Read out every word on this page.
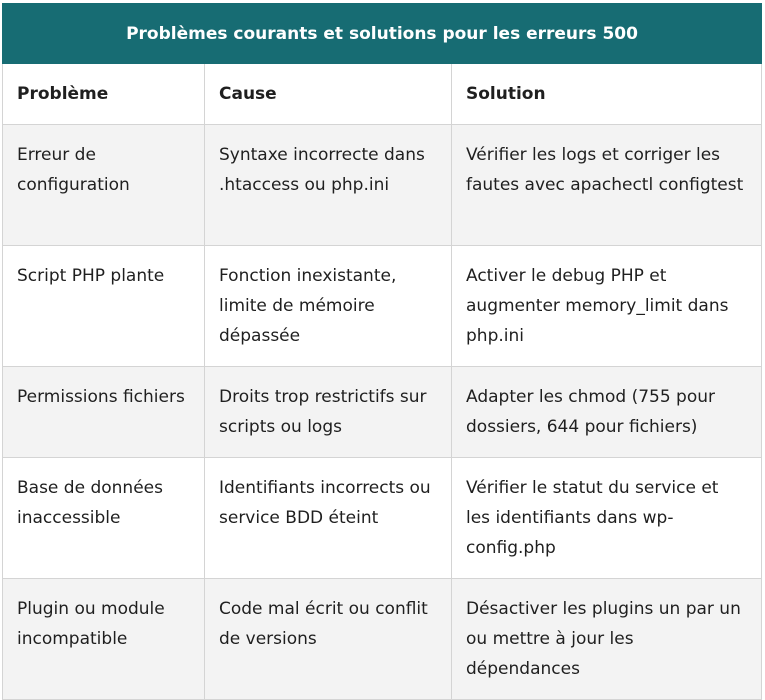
Problèmes courants et solutions pour les erreurs 500		
Problème	Cause	Solution
Erreur de configuration	Syntaxe incorrecte dans .htaccess ou php.ini	Vérifier les logs et corriger les fautes avec apachectl configtest
Script PHP plante	Fonction inexistante, limite de mémoire dépassée	Activer le debug PHP et augmenter memory_limit dans php.ini
Permissions fichiers	Droits trop restrictifs sur scripts ou logs	Adapter les chmod (755 pour dossiers, 644 pour fichiers)
Base de données inaccessible	Identifiants incorrects ou service BDD éteint	Vérifier le statut du service et les identifiants dans wp-config.php
Plugin ou module incompatible	Code mal écrit ou conflit de versions	Désactiver les plugins un par un ou mettre à jour les dépendances
